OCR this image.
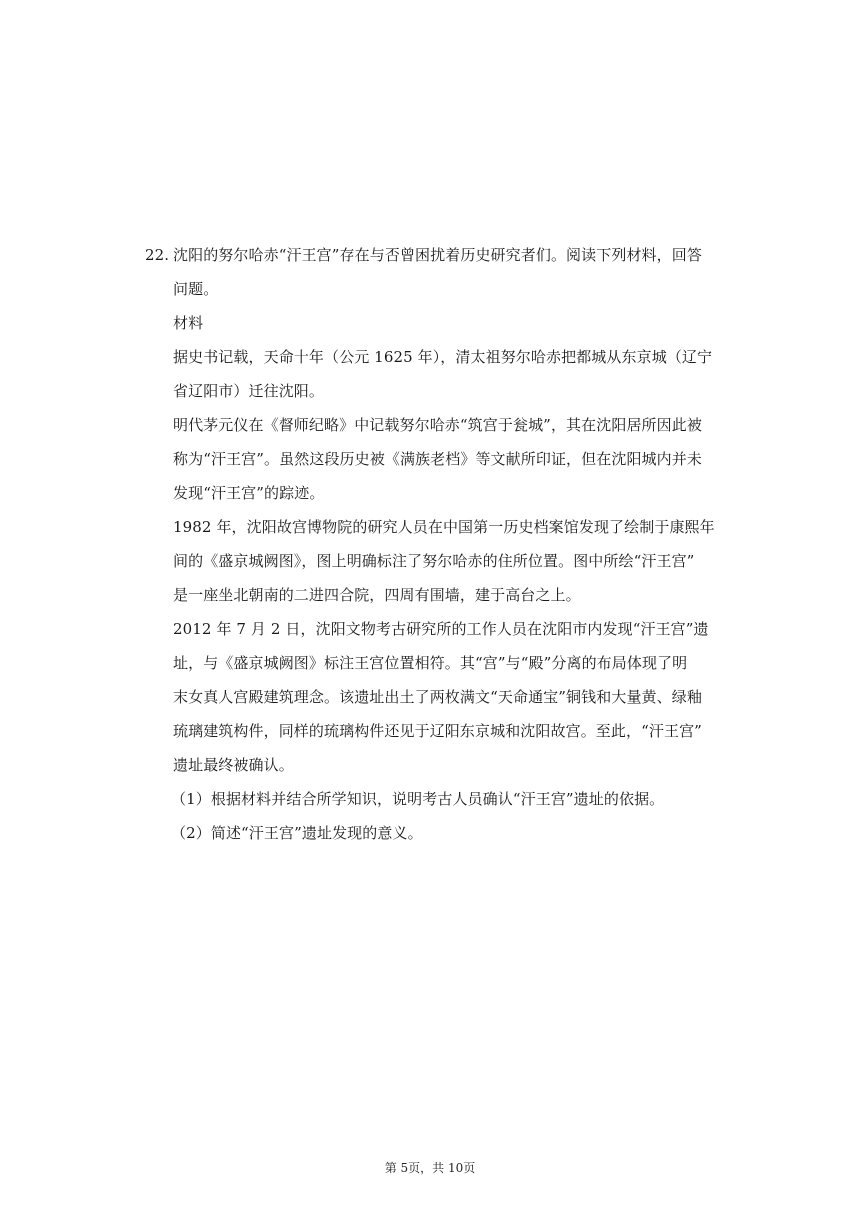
22. 沈阳的努尔哈赤“汗王宫”存在与否曾困扰着历史研究者们。阅读下列材料，回答
问题。
材料
据史书记载，天命十年（公元 1625 年），清太祖努尔哈赤把都城从东京城（辽宁
省辽阳市）迁往沈阳。
明代茅元仪在《督师纪略》中记载努尔哈赤“筑宫于瓮城”，其在沈阳居所因此被
称为“汗王宫”。虽然这段历史被《满族老档》等文献所印证，但在沈阳城内并未
发现“汗王宫”的踪迹。
1982 年，沈阳故宫博物院的研究人员在中国第一历史档案馆发现了绘制于康熙年
间的《盛京城阙图》，图上明确标注了努尔哈赤的住所位置。图中所绘“汗王宫”
是一座坐北朝南的二进四合院，四周有围墙，建于高台之上。
2012 年 7 月 2 日，沈阳文物考古研究所的工作人员在沈阳市内发现“汗王宫”遗
址，与《盛京城阙图》标注王宫位置相符。其“宫”与“殿”分离的布局体现了明
末女真人宫殿建筑理念。该遗址出土了两枚满文“天命通宝”铜钱和大量黄、绿釉
琉璃建筑构件，同样的琉璃构件还见于辽阳东京城和沈阳故宫。至此，“汗王宫”
遗址最终被确认。
（1）根据材料并结合所学知识，说明考古人员确认“汗王宫”遗址的依据。
（2）简述“汗王宫”遗址发现的意义。
第 5页，共 10页
